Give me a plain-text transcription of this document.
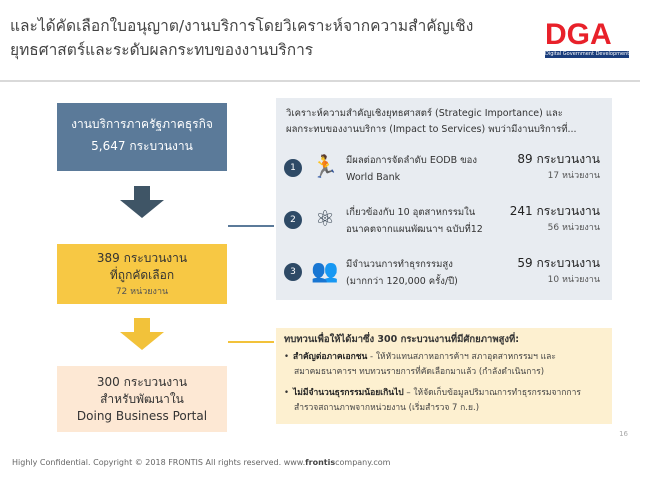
และได้คัดเลือกใบอนุญาต/งานบริการโดยวิเคราะห์จากความสำคัญเชิง
ยุทธศาสตร์และระดับผลกระทบของงานบริการ	DGA
Digital Government Development Agency
งานบริการภาครัฐภาคธุรกิจ
5,647 กระบวนงาน
389 กระบวนงาน
ที่ถูกคัดเลือก
72 หน่วยงาน
300 กระบวนงาน
สำหรับพัฒนาใน
Doing Business Portal
วิเคราะห์ความสำคัญเชิงยุทธศาสตร์ (Strategic Importance) และ
ผลกระทบของงานบริการ (Impact to Services) พบว่ามีงานบริการที่...
1 🏃 มีผลต่อการจัดลำดับ EODB ของ
World Bank
89 กระบวนงาน
17 หน่วยงาน
2 ⚛	เกี่ยวข้องกับ 10 อุตสาหกรรมใน
อนาคตจากแผนพัฒนาฯ ฉบับที่12
241 กระบวนงาน
56 หน่วยงาน
3 👥 มีจำนวนการทำธุรกรรมสูง
(มากกว่า 120,000 ครั้ง/ปี)
59 กระบวนงาน
10 หน่วยงาน
ทบทวนเพื่อให้ได้มาซึ่ง 300 กระบวนงานที่มีศักยภาพสูงที่:
• สำคัญต่อภาคเอกชน - ให้หัวแทนสภาหอการค้าฯ สภาอุตสาหกรรมฯ และ
สมาคมธนาคารฯ ทบทวนรายการที่คัดเลือกมาแล้ว (กำลังดำเนินการ)
• ไม่มีจำนวนธุรกรรมน้อยเกินไป – ให้จัดเก็บข้อมูลปริมาณการทำธุรกรรมจากการ
สำรวจสถานภาพจากหน่วยงาน (เริ่มสำรวจ 7 ก.ย.)
16
Highly Confidential. Copyright © 2018 FRONTIS All rights reserved. www.frontiscompany.com
